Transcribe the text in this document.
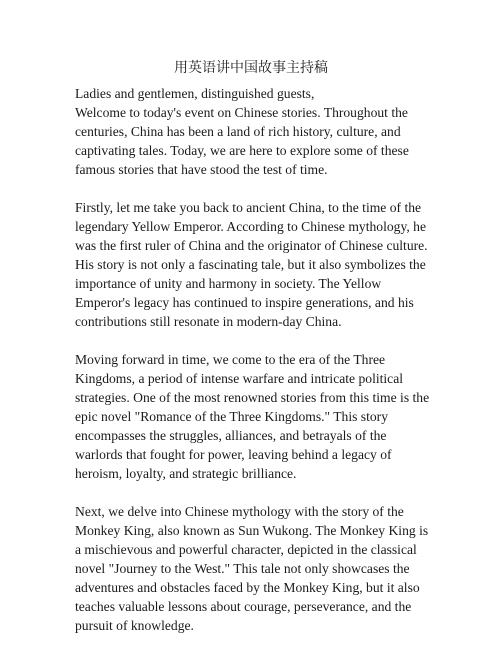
用英语讲中国故事主持稿

Ladies and gentlemen, distinguished guests,

Welcome to today's event on Chinese stories. Throughout the centuries, China has been a land of rich history, culture, and captivating tales. Today, we are here to explore some of these famous stories that have stood the test of time.

Firstly, let me take you back to ancient China, to the time of the legendary Yellow Emperor. According to Chinese mythology, he was the first ruler of China and the originator of Chinese culture. His story is not only a fascinating tale, but it also symbolizes the importance of unity and harmony in society. The Yellow Emperor's legacy has continued to inspire generations, and his contributions still resonate in modern-day China.

Moving forward in time, we come to the era of the Three Kingdoms, a period of intense warfare and intricate political strategies. One of the most renowned stories from this time is the epic novel "Romance of the Three Kingdoms." This story encompasses the struggles, alliances, and betrayals of the warlords that fought for power, leaving behind a legacy of heroism, loyalty, and strategic brilliance.

Next, we delve into Chinese mythology with the story of the Monkey King, also known as Sun Wukong. The Monkey King is a mischievous and powerful character, depicted in the classical novel "Journey to the West." This tale not only showcases the adventures and obstacles faced by the Monkey King, but it also teaches valuable lessons about courage, perseverance, and the pursuit of knowledge.
